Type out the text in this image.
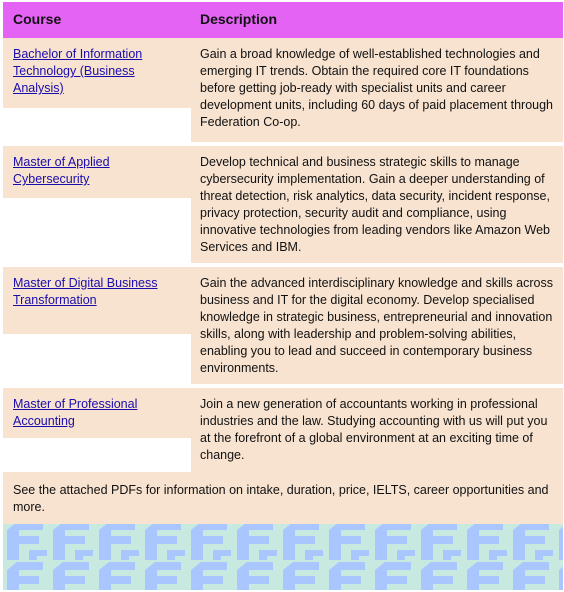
Course	Description
Bachelor of Information Technology (Business Analysis)
Gain a broad knowledge of well-established technologies and emerging IT trends. Obtain the required core IT foundations before getting job-ready with specialist units and career development units, including 60 days of paid placement through Federation Co-op.
Master of Applied Cybersecurity
Develop technical and business strategic skills to manage cybersecurity implementation. Gain a deeper understanding of threat detection, risk analytics, data security, incident response, privacy protection, security audit and compliance, using innovative technologies from leading vendors like Amazon Web Services and IBM.
Master of Digital Business Transformation
Gain the advanced interdisciplinary knowledge and skills across business and IT for the digital economy. Develop specialised knowledge in strategic business, entrepreneurial and innovation skills, along with leadership and problem-solving abilities, enabling you to lead and succeed in contemporary business environments.
Master of Professional Accounting
Join a new generation of accountants working in professional industries and the law. Studying accounting with us will put you at the forefront of a global environment at an exciting time of change.
See the attached PDFs for information on intake, duration, price, IELTS, career opportunities and more.
